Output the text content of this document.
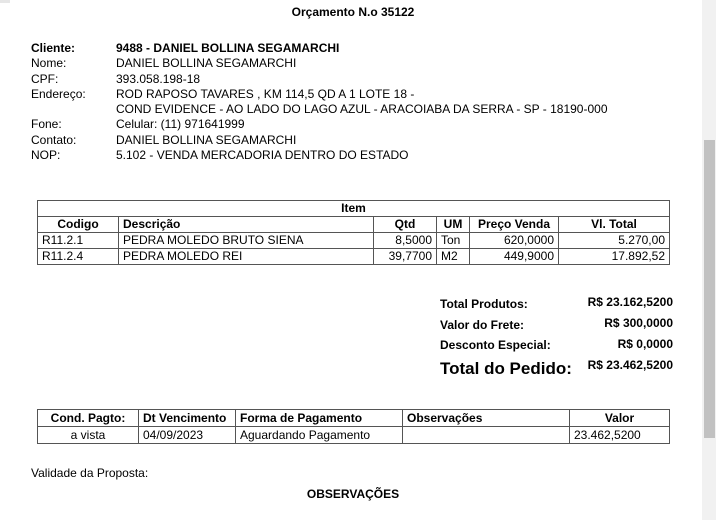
Orçamento N.o 35122
Cliente:	9488 - DANIEL BOLLINA SEGAMARCHI
Nome:	DANIEL BOLLINA SEGAMARCHI
CPF:	393.058.198-18
Endereço:	ROD RAPOSO TAVARES , KM 114,5 QD A 1 LOTE 18 -
COND EVIDENCE - AO LADO DO LAGO AZUL - ARACOIABA DA SERRA - SP - 18190-000
Fone:	Celular: (11) 971641999
Contato:	DANIEL BOLLINA SEGAMARCHI
NOP:	5.102 - VENDA MERCADORIA DENTRO DO ESTADO
Item					
Codigo	Descrição	Qtd	UM	Preço Venda	Vl. Total
R11.2.1	PEDRA MOLEDO BRUTO SIENA	8,5000	Ton	620,0000	5.270,00
R11.2.4	PEDRA MOLEDO REI	39,7700	M2	449,9000	17.892,52
Total Produtos:	R$ 23.162,5200
Valor do Frete:	R$ 300,0000
Desconto Especial:	R$ 0,0000
Total do Pedido: R$ 23.462,5200
Cond. Pagto:	Dt Vencimento	Forma de Pagamento	Observações	Valor
a vista	04/09/2023	Aguardando Pagamento		23.462,5200
Validade da Proposta:
OBSERVAÇÕES
